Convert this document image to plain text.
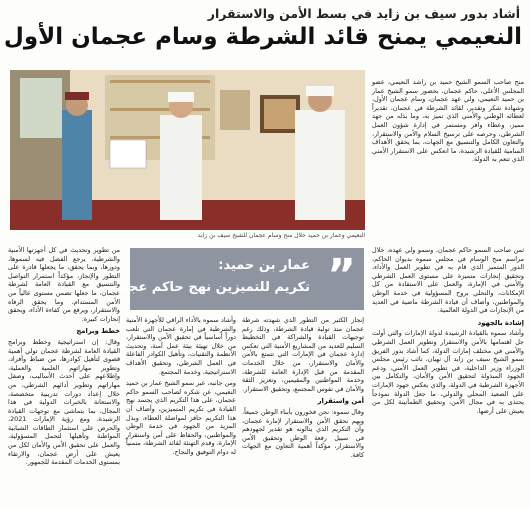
أشاد بدور سيف بن زايد في بسط الأمن والاستقرار
النعيمي يمنح قائد الشرطة وسام عجمان الأول
النعيمي وعمار بن حميد خلال منح وسام عجمان للشيخ سيف بن زايد

منح صاحب السمو الشيخ حميد بن راشد النعيمي، عضو المجلس الأعلى، حاكم عجمان، بحضور سمو الشيخ عمار بن حميد النعيمي، ولي عهد عجمان، وسام عجمان الأول، وشهادة شكر وتقدير، لقائد الشرطة في عجمان، تقديراً لعطائه الوطني والأمني الذي تميز به، وما بذله من جهد مميز، وعطاء وافر ومستمر في إدارة شؤون العمل الشرطي، وحرصه على ترسيخ السلام والأمن والاستقرار، والتعاون الكامل والتنسيق مع الجهات، بما يحقق الأهداف السامية للقيادة الرشيدة، ما انعكس على الاستقرار الأمني الذي تنعم به الدولة.

ثمن صاحب السمو حاكم عجمان، وسمو ولي عهده، خلال مراسم منح الوسام في مجلس سموه بديوان الحاكم، الدور المتميز الذي قام به في تطوير العمل والأداء، وتحقيق إنجازات متميزة على مستوى العمل الشرطي والأمني في الإمارة، والعمل على الاستفادة من كل الإمكانات، والتحلي بروح المسؤولية في خدمة الوطن والمواطنين، وأضاف أن قيادة الشرطة ماضية في العديد من الإنجازات في الدولة العالمية.

إشادة بالجهود

وأشاد سموه بالقيادة الرشيدة لدولة الإمارات والتي أولت جل اهتمامها بالأمن والاستقرار وتطوير العمل الشرطي والأمني في مختلف إمارات الدولة، كما أشاد بدور الفريق سمو الشيخ سيف بن زايد آل نهيان، نائب رئيس مجلس الوزراء وزير الداخلية، في تطوير العمل الأمني، ودعم الجهود المبذولة لتحقيق الأمن والأمان، والتكامل بين الأجهزة الشرطية في الدولة، والذي يعكس جهود الإمارات على الصعيد المحلي والدولي، ما جعل الدولة نموذجاً يحتذى به في مجال الأمن، وتحقيق الطمأنينة لكل من يعيش على أرضها.

”
عمار بن حميد:
تكريم للتميزين نهج حاكم عجمان

إنجاز الكثير من التطور الذي شهدته شرطة عجمان منذ تولية قيادة الشرطة، وذلك رغم توجيهات القيادة والشراكة في التخطيط السليم للعديد من المشاريع الأمنية التي تعكس إدارة عجمان في الإمارات التي تتمتع بالأمن والأمان والاستقرار، من خلال الخدمات المقدمة من قبل الإدارة العامة للشرطة، وخدمة المواطنين والمقيمين، وتعزيز الثقة والأمان في نفوس المجتمع، وتحقيق الاستقرار.

أمن واستقرار

وقال سموه: نحن فخورون بأبناء الوطن جميعاً، وبهم نحقق الأمن والاستقرار لإمارة عجمان، وأن التكريم الذي ينالونه هو تقدير لجهودهم في سبيل رفعة الوطن وتحقيق الأمن والاستقرار، مؤكداً أهمية التعاون مع الجهات كافة.

وأشاد سموه بالأداء الراقي للأجهزة الأمنية والشرطية في إمارة عجمان التي تلعب دوراً أساسياً في تحقيق الأمن والاستقرار، من خلال تهيئة بيئة عمل آمنة، وتحديث الأنظمة والتقنيات، وتأهيل الكوادر الفاعلة في العمل الشرطي، وتحقيق الأهداف الاستراتيجية، وخدمة المجتمع.

ومن جانبه، عبر سمو الشيخ عمار بن حميد النعيمي، عن شكره لصاحب السمو حاكم عجمان، على هذا التكريم الذي يجسد نهج القيادة في تكريم المتميزين، وأضاف أن هذا التكريم حافز لمواصلة العطاء، وبذل المزيد من الجهود في خدمة الوطن والمواطنين، والحفاظ على أمن واستقرار الإمارة، وقدم التهنئة لقائد الشرطة، متمنياً له دوام التوفيق والنجاح.

من تطوير وتحديث في كل أجهزتها الأمنية والشرطية، يرجع الفضل فيه لسموها، ودورها، وبما يحقق، ما يجعلها قادرة على التطور والإنجاز، مؤكداً استمرار التواصل والتنسيق مع القيادة العامة لشرطة عجمان، ما جعلها تضمن مستوى عالياً من الأمن المستدام، وما يحقق الرفاه والاستقرار، ويرفع من كفاءة الأداء، ويحقق إنجازات كبيرة.

خطط وبرامج

وقال: إن استراتيجية وخطط وبرامج القيادة العامة لشرطة عجمان تولي أهمية قصوى لتأهيل كوادرها، من ضباط وأفراد، وتطوير مهاراتهم العلمية والعملية، وإطلاعهم على أحدث الأساليب، وصقل مهاراتهم وتطوير أدائهم الشرطي، من خلال إعداد دورات تدريبية متخصصة، والاستعانة بالخبرات الدولية في هذا المجال، بما يتماشى مع توجهات القيادة الرشيدة، ومع رؤية الإمارات 2021، والحرص على استثمار الطاقات الشبابية المواطنة وتأهيلها لتحمل المسؤولية، والعمل على تحقيق الأمن والأمان لكل من يعيش على أرض عجمان، والارتقاء بمستوى الخدمات المقدمة للجمهور.
